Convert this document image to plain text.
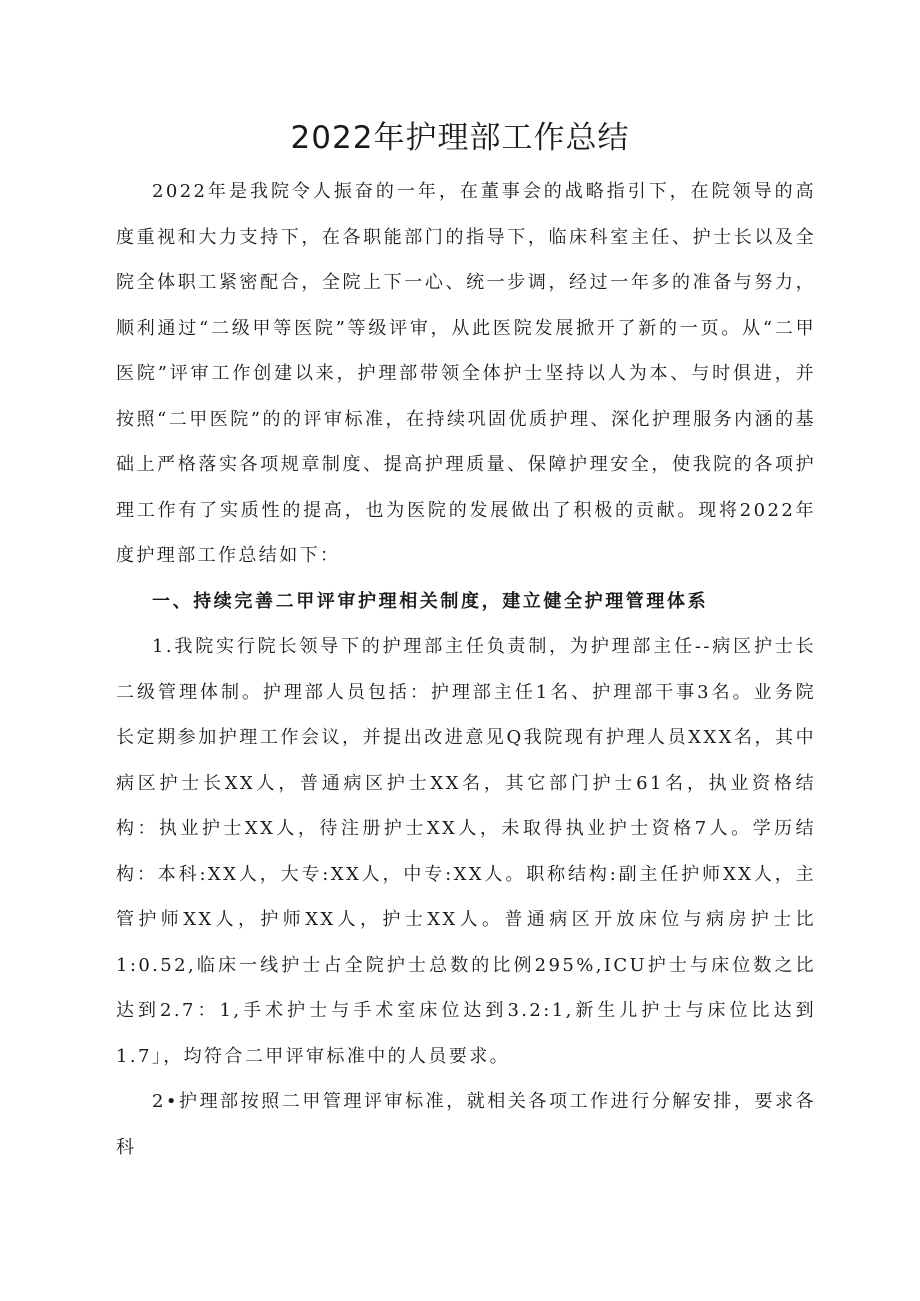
2022年护理部工作总结

2022年是我院令人振奋的一年，在董事会的战略指引下，在院领导的高度重视和大力支持下，在各职能部门的指导下，临床科室主任、护士长以及全院全体职工紧密配合，全院上下一心、统一步调，经过一年多的准备与努力，顺利通过“二级甲等医院”等级评审，从此医院发展掀开了新的一页。从“二甲医院”评审工作创建以来，护理部带领全体护士坚持以人为本、与时俱进，并按照“二甲医院”的的评审标准，在持续巩固优质护理、深化护理服务内涵的基础上严格落实各项规章制度、提高护理质量、保障护理安全，使我院的各项护理工作有了实质性的提高，也为医院的发展做出了积极的贡献。现将2022年度护理部工作总结如下：

一、持续完善二甲评审护理相关制度，建立健全护理管理体系

1.我院实行院长领导下的护理部主任负责制，为护理部主任--病区护士长二级管理体制。护理部人员包括：护理部主任1名、护理部干事3名。业务院长定期参加护理工作会议，并提出改进意见Q我院现有护理人员XXX名，其中病区护士长XX人，普通病区护士XX名，其它部门护士61名，执业资格结构：执业护士XX人，待注册护士XX人，未取得执业护士资格7人。学历结构：本科:XX人，大专:XX人，中专:XX人。职称结构:副主任护师XX人，主管护师XX人，护师XX人，护士XX人。普通病区开放床位与病房护士比1:0.52,临床一线护士占全院护士总数的比例295%,ICU护士与床位数之比达到2.7：1,手术护士与手术室床位达到3.2:1,新生儿护士与床位比达到1.7」，均符合二甲评审标准中的人员要求。

2•护理部按照二甲管理评审标准，就相关各项工作进行分解安排，要求各科
